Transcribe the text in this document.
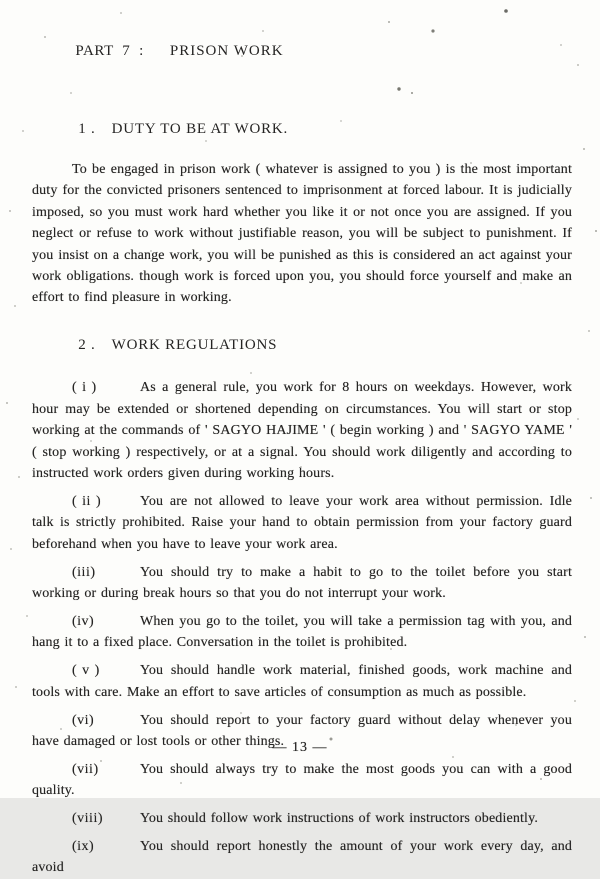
PART  7  : PRISON WORK

1 . DUTY TO BE AT WORK.

To be engaged in prison work ( whatever is assigned to you ) is the most important duty for the convicted prisoners sentenced to imprisonment at forced labour. It is judicially imposed, so you must work hard whether you like it or not once you are assigned. If you neglect or refuse to work without justifiable reason, you will be subject to punishment. If you insist on a change work, you will be punished as this is considered an act against your work obligations. though work is forced upon you, you should force yourself and make an effort to find pleasure in working.

2 . WORK REGULATIONS

( i )	As a general rule, you work for 8 hours on weekdays. However, work hour may be extended or shortened depending on circumstances. You will start or stop working at the commands of ' SAGYO HAJIME ' ( begin working ) and ' SAGYO YAME ' ( stop working ) respectively, or at a signal. You should work diligently and according to instructed work orders given during working hours.

( ii )	You are not allowed to leave your work area without permission. Idle talk is strictly prohibited. Raise your hand to obtain permission from your factory guard beforehand when you have to leave your work area.

(iii)	You should try to make a habit to go to the toilet before you start working or during break hours so that you do not interrupt your work.

(iv)	When you go to the toilet, you will take a permission tag with you, and hang it to a fixed place. Conversation in the toilet is prohibited.

( v )	You should handle work material, finished goods, work machine and tools with care. Make an effort to save articles of consumption as much as possible.

(vi)	You should report to your factory guard without delay whenever you have damaged or lost tools or other things.

(vii)	You should always try to make the most goods you can with a good quality.

(viii)	You should follow work instructions of work instructors obediently.

(ix)	You should report honestly the amount of your work every day, and avoid

— 13 —
